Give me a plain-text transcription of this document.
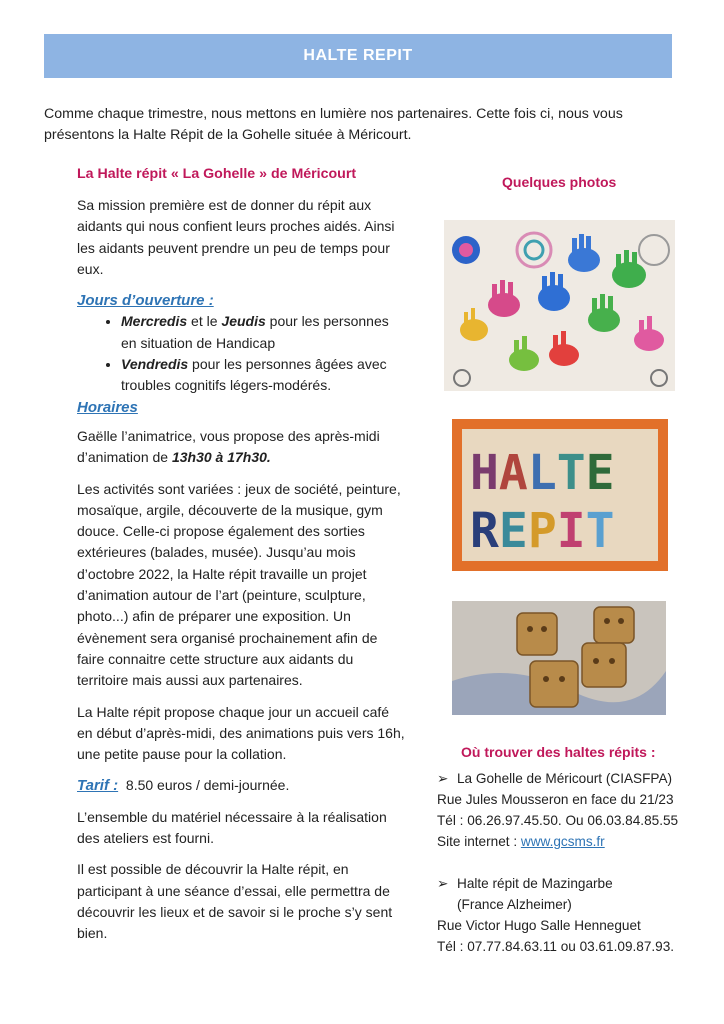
HALTE REPIT

Comme chaque trimestre, nous mettons en lumière nos partenaires. Cette fois ci, nous vous présentons la Halte Répit de la Gohelle située à Méricourt.

La Halte répit « La Gohelle » de Méricourt

Sa mission première est de donner du répit aux aidants qui nous confient leurs proches aidés. Ainsi les aidants peuvent prendre un peu de temps pour eux.

Jours d’ouverture :
• Mercredis et le Jeudis pour les personnes en situation de Handicap
• Vendredis pour les personnes âgées avec troubles cognitifs légers-modérés.
Horaires

Gaëlle l’animatrice, vous propose des après-midi d’animation de 13h30 à 17h30.

Les activités sont variées : jeux de société, peinture, mosaïque, argile, découverte de la musique, gym douce. Celle-ci propose également des sorties extérieures (balades, musée). Jusqu’au mois d’octobre 2022, la Halte répit travaille un projet d’animation autour de l’art (peinture, sculpture, photo...) afin de préparer une exposition. Un évènement sera organisé prochainement afin de faire connaitre cette structure aux aidants du territoire mais aussi aux partenaires.

La Halte répit propose chaque jour un accueil café en début d’après-midi, des animations puis vers 16h, une petite pause pour la collation.

Tarif : 8.50 euros / demi-journée.

L’ensemble du matériel nécessaire à la réalisation des ateliers est fourni.

Il est possible de découvrir la Halte répit, en participant à une séance d’essai, elle permettra de découvrir les lieux et de savoir si le proche s’y sent bien.

Quelques photos
HALTE
REPIT
Où trouver des haltes répits :

➢ La Gohelle de Méricourt (CIASFPA)

Rue Jules Mousseron en face du 21/23

Tél : 06.26.97.45.50. Ou 06.03.84.85.55

Site internet : www.gcsms.fr

➢ Halte répit de Mazingarbe

(France Alzheimer)

Rue Victor Hugo Salle Henneguet

Tél : 07.77.84.63.11 ou 03.61.09.87.93.
